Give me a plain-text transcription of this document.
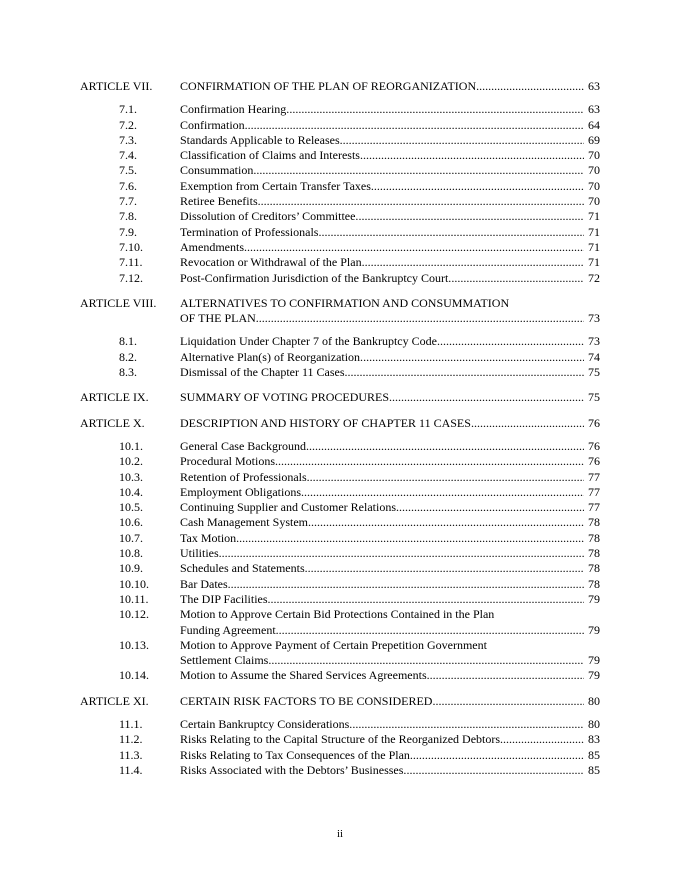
ARTICLE VII.	CONFIRMATION OF THE PLAN OF REORGANIZATION .....	63
7.1.	Confirmation Hearing. .....	63
7.2.	Confirmation. .....	64
7.3.	Standards Applicable to Releases. .....	69
7.4.	Classification of Claims and Interests .....	70
7.5.	Consummation. .....	70
7.6.	Exemption from Certain Transfer Taxes. .....	70
7.7.	Retiree Benefits .....	70
7.8.	Dissolution of Creditors’ Committee. .....	71
7.9.	Termination of Professionals. .....	71
7.10.	Amendments. .....	71
7.11.	Revocation or Withdrawal of the Plan. .....	71
7.12.	Post-Confirmation Jurisdiction of the Bankruptcy Court. .....	72
ARTICLE VIII.	ALTERNATIVES TO CONFIRMATION AND CONSUMMATION
OF THE PLAN .....	73
8.1.	Liquidation Under Chapter 7 of the Bankruptcy Code. .....	73
8.2.	Alternative Plan(s) of Reorganization. .....	74
8.3.	Dismissal of the Chapter 11 Cases .....	75
ARTICLE IX.	SUMMARY OF VOTING PROCEDURES .....	75
ARTICLE X.	DESCRIPTION AND HISTORY OF CHAPTER 11 CASES .....	76
10.1.	General Case Background .....	76
10.2.	Procedural Motions .....	76
10.3.	Retention of Professionals. .....	77
10.4.	Employment Obligations. .....	77
10.5.	Continuing Supplier and Customer Relations .....	77
10.6.	Cash Management System. .....	78
10.7.	Tax Motion .....	78
10.8.	Utilities .....	78
10.9.	Schedules and Statements. .....	78
10.10.	Bar Dates .....	78
10.11.	The DIP Facilities. .....	79
10.12.	Motion to Approve Certain Bid Protections Contained in the Plan
Funding Agreement. .....	79
10.13.	Motion to Approve Payment of Certain Prepetition Government
Settlement Claims. .....	79
10.14.	Motion to Assume the Shared Services Agreements. .....	79
ARTICLE XI.	CERTAIN RISK FACTORS TO BE CONSIDERED .....	80
11.1.	Certain Bankruptcy Considerations. .....	80
11.2.	Risks Relating to the Capital Structure of the Reorganized Debtors. .....	83
11.3.	Risks Relating to Tax Consequences of the Plan. .....	85
11.4.	Risks Associated with the Debtors’ Businesses. .....	85
ii
